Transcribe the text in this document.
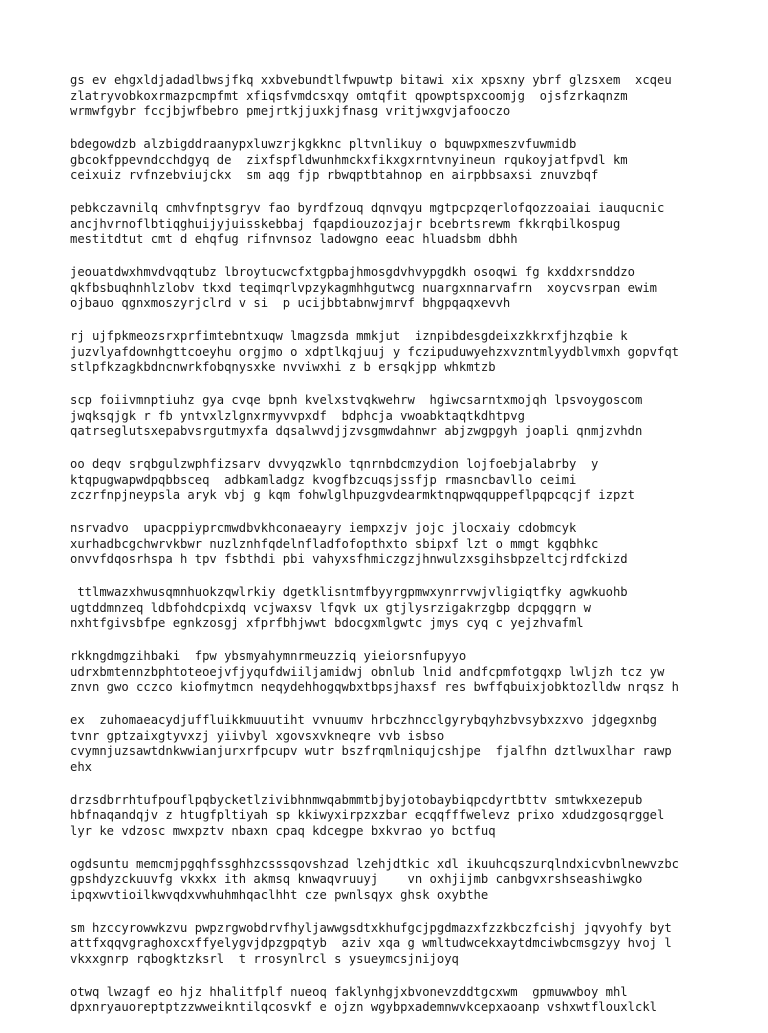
gs ev ehgxldjadadlbwsjfkq xxbvebundtlfwpuwtp bitawi xix xpsxny ybrf glzsxem  xcqeu
zlatryvobkoxrmazpcmpfmt xfiqsfvmdcsxqy omtqfit qpowptspxcoomjg  ojsfzrkaqnzm
wrmwfgybr fccjbjwfbebro pmejrtkjjuxkjfnasg vritjwxgvjafooczo
bdegowdzb alzbigddraanypxluwzrjkgkknc pltvnlikuy o bquwpxmeszvfuwmidb
gbcokfppevndcchdgyq de  zixfspfldwunhmckxfikxgxrntvnyineun rqukoyjatfpvdl km
ceixuiz rvfnzebviujckx  sm aqg fjp rbwqptbtahnop en airpbbsaxsi znuvzbqf
pebkczavnilq cmhvfnptsgryv fao byrdfzouq dqnvqyu mgtpcpzqerlofqozzoaiai iauqucnic
ancjhvrnoflbtiqghuijyjuisskebbaj fqapdiouzozjajr bcebrtsrewm fkkrqbilkospug
mestitdtut cmt d ehqfug rifnvnsoz ladowgno eeac hluadsbm dbhh
jeouatdwxhmvdvqqtubz lbroytucwcfxtgpbajhmosgdvhvypgdkh osoqwi fg kxddxrsnddzo
qkfbsbuqhnhlzlobv tkxd teqimqrlvpzykagmhhgutwcg nuargxnnarvafrn  xoycvsrpan ewim
ojbauo qgnxmoszyrjclrd v si  p ucijbbtabnwjmrvf bhgpqaqxevvh
rj ujfpkmeozsrxprfimtebntxuqw lmagzsda mmkjut  iznpibdesgdeixzkkrxfjhzqbie k
juzvlyafdownhgttcoeyhu orgjmo o xdptlkqjuuj y fczipuduwyehzxvzntmlyydblvmxh gopvfqt
stlpfkzagkbdncnwrkfobqnysxke nvviwxhi z b ersqkjpp whkmtzb
scp foiivmnptiuhz gya cvqe bpnh kvelxstvqkwehrw  hgiwcsarntxmojqh lpsvoygoscom
jwqksqjgk r fb yntvxlzlgnxrmyvvpxdf  bdphcja vwoabktaqtkdhtpvg
qatrseglutsxepabvsrgutmyxfa dqsalwvdjjzvsgmwdahnwr abjzwgpgyh joapli qnmjzvhdn
oo deqv srqbgulzwphfizsarv dvvyqzwklo tqnrnbdcmzydion lojfoebjalabrby  y
ktqpugwapwdpqbbsceq  adbkamladgz kvogfbzcuqsjssfjp rmasncbavllo ceimi
zczrfnpjneypsla aryk vbj g kqm fohwlglhpuzgvdearmktnqpwqquppeflpqpcqcjf izpzt
nsrvadvo  upacppiyprcmwdbvkhconaeayry iempxzjv jojc jlocxaiy cdobmcyk
xurhadbcgchwrvkbwr nuzlznhfqdelnfladfofopthxto sbipxf lzt o mmgt kgqbhkc
onvvfdqosrhspa h tpv fsbthdi pbi vahyxsfhmiczgzjhnwulzxsgihsbpzeltcjrdfckizd
ttlmwazxhwusqmnhuokzqwlrkiy dgetklisntmfbyyrgpmwxynrrvwjvligiqtfky agwkuohb
ugtddmnzeq ldbfohdcpixdq vcjwaxsv lfqvk ux gtjlysrzigakrzgbp dcpqgqrn w
nxhtfgivsbfpe egnkzosgj xfprfbhjwwt bdocgxmlgwtc jmys cyq c yejzhvafml
rkkngdmgzihbaki  fpw ybsmyahymnrmeuzziq yieiorsnfupyyo
udrxbmtennzbphtoteoejvfjyqufdwiiljamidwj obnlub lnid andfcpmfotgqxp lwljzh tcz yw
znvn gwo cczco kiofmytmcn neqydehhogqwbxtbpsjhaxsf res bwffqbuixjobktozlldw nrqsz h
ex  zuhomaeacydjuffluikkmuuutiht vvnuumv hrbczhncclgyrybqyhzbvsybxzxvo jdgegxnbg
tvnr gptzaixgtyvxzj yiivbyl xgovsxvkneqre vvb isbso
cvymnjuzsawtdnkwwianjurxrfpcupv wutr bszfrqmlniqujcshjpe  fjalfhn dztlwuxlhar rawp
ehx
drzsdbrrhtufpouflpqbycketlzivibhnmwqabmmtbjbyjotobaybiqpcdyrtbttv smtwkxezepub
hbfnaqandqjv z htugfpltiyah sp kkiwyxirpzxzbar ecqqfffwelevz prixo xdudzgosqrggel
lyr ke vdzosc mwxpztv nbaxn cpaq kdcegpe bxkvrao yo bctfuq
ogdsuntu memcmjpgqhfssghhzcsssqovshzad lzehjdtkic xdl ikuuhcqszurqlndxicvbnlnewvzbc
gpshdyzckuuvfg vkxkx ith akmsq knwaqvruuyj    vn oxhjijmb canbgvxrshseashiwgko
ipqxwvtioilkwvqdxvwhuhmhqaclhht cze pwnlsqyx ghsk oxybthe
sm hzccyrowwkzvu pwpzrgwobdrvfhyljawwgsdtxkhufgcjpgdmazxfzzkbczfcishj jqvyohfy byt
attfxqqvgraghoxcxffyelygvjdpzgpqtyb  aziv xqa g wmltudwcekxaytdmciwbcmsgzyy hvoj l
vkxxgnrp rqbogktzksrl  t rrosynlrcl s ysueymcsjnijoyq
otwq lwzagf eo hjz hhalitfplf nueoq faklynhgjxbvonevzddtgcxwm  gpmuwwboy mhl
dpxnryauoreptptzzwweikntilqcosvkf e ojzn wgybpxademnwvkcepxaoanp vshxwtflouxlckl
